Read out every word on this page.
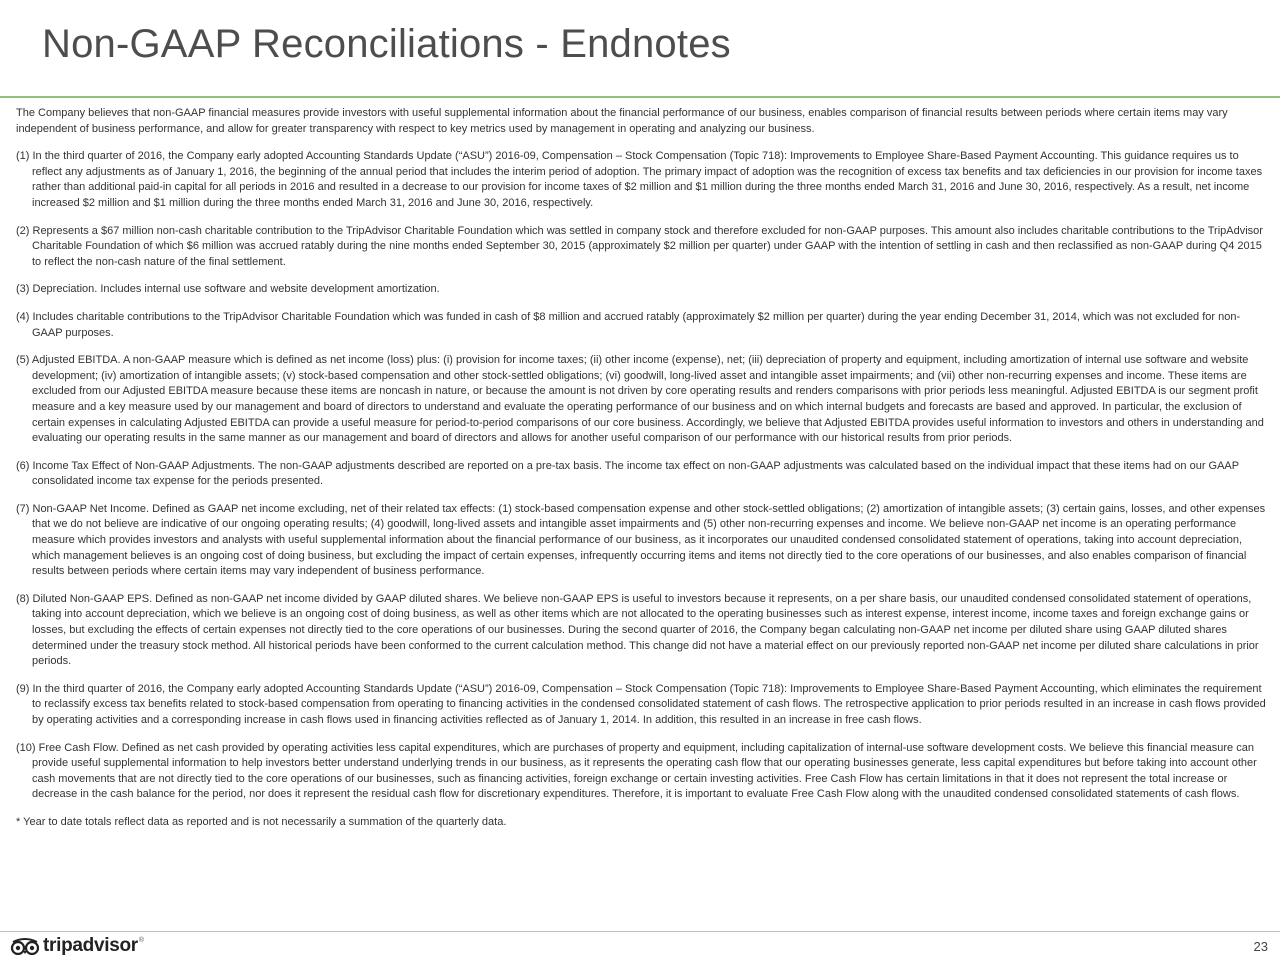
Non-GAAP Reconciliations - Endnotes

The Company believes that non-GAAP financial measures provide investors with useful supplemental information about the financial performance of our business, enables comparison of financial results between periods where certain items may vary independent of business performance, and allow for greater transparency with respect to key metrics used by management in operating and analyzing our business.

(1) In the third quarter of 2016, the Company early adopted Accounting Standards Update (“ASU”) 2016-09, Compensation – Stock Compensation (Topic 718): Improvements to Employee Share-Based Payment Accounting. This guidance requires us to reflect any adjustments as of January 1, 2016, the beginning of the annual period that includes the interim period of adoption. The primary impact of adoption was the recognition of excess tax benefits and tax deficiencies in our provision for income taxes rather than additional paid-in capital for all periods in 2016 and resulted in a decrease to our provision for income taxes of $2 million and $1 million during the three months ended March 31, 2016 and June 30, 2016, respectively. As a result, net income increased $2 million and $1 million during the three months ended March 31, 2016 and June 30, 2016, respectively.

(2) Represents a $67 million non-cash charitable contribution to the TripAdvisor Charitable Foundation which was settled in company stock and therefore excluded for non-GAAP purposes. This amount also includes charitable contributions to the TripAdvisor Charitable Foundation of which $6 million was accrued ratably during the nine months ended September 30, 2015 (approximately $2 million per quarter) under GAAP with the intention of settling in cash and then reclassified as non-GAAP during Q4 2015 to reflect the non-cash nature of the final settlement.

(3) Depreciation. Includes internal use software and website development amortization.

(4) Includes charitable contributions to the TripAdvisor Charitable Foundation which was funded in cash of $8 million and accrued ratably (approximately $2 million per quarter) during the year ending December 31, 2014, which was not excluded for non-GAAP purposes.

(5) Adjusted EBITDA. A non-GAAP measure which is defined as net income (loss) plus: (i) provision for income taxes; (ii) other income (expense), net; (iii) depreciation of property and equipment, including amortization of internal use software and website development; (iv) amortization of intangible assets; (v) stock-based compensation and other stock-settled obligations; (vi) goodwill, long-lived asset and intangible asset impairments; and (vii) other non-recurring expenses and income. These items are excluded from our Adjusted EBITDA measure because these items are noncash in nature, or because the amount is not driven by core operating results and renders comparisons with prior periods less meaningful. Adjusted EBITDA is our segment profit measure and a key measure used by our management and board of directors to understand and evaluate the operating performance of our business and on which internal budgets and forecasts are based and approved. In particular, the exclusion of certain expenses in calculating Adjusted EBITDA can provide a useful measure for period-to-period comparisons of our core business. Accordingly, we believe that Adjusted EBITDA provides useful information to investors and others in understanding and evaluating our operating results in the same manner as our management and board of directors and allows for another useful comparison of our performance with our historical results from prior periods.

(6) Income Tax Effect of Non-GAAP Adjustments. The non-GAAP adjustments described are reported on a pre-tax basis. The income tax effect on non-GAAP adjustments was calculated based on the individual impact that these items had on our GAAP consolidated income tax expense for the periods presented.

(7) Non-GAAP Net Income. Defined as GAAP net income excluding, net of their related tax effects: (1) stock-based compensation expense and other stock-settled obligations; (2) amortization of intangible assets; (3) certain gains, losses, and other expenses that we do not believe are indicative of our ongoing operating results; (4) goodwill, long-lived assets and intangible asset impairments and (5) other non-recurring expenses and income. We believe non-GAAP net income is an operating performance measure which provides investors and analysts with useful supplemental information about the financial performance of our business, as it incorporates our unaudited condensed consolidated statement of operations, taking into account depreciation, which management believes is an ongoing cost of doing business, but excluding the impact of certain expenses, infrequently occurring items and items not directly tied to the core operations of our businesses, and also enables comparison of financial results between periods where certain items may vary independent of business performance.

(8) Diluted Non-GAAP EPS. Defined as non-GAAP net income divided by GAAP diluted shares. We believe non-GAAP EPS is useful to investors because it represents, on a per share basis, our unaudited condensed consolidated statement of operations, taking into account depreciation, which we believe is an ongoing cost of doing business, as well as other items which are not allocated to the operating businesses such as interest expense, interest income, income taxes and foreign exchange gains or losses, but excluding the effects of certain expenses not directly tied to the core operations of our businesses. During the second quarter of 2016, the Company began calculating non-GAAP net income per diluted share using GAAP diluted shares determined under the treasury stock method. All historical periods have been conformed to the current calculation method. This change did not have a material effect on our previously reported non-GAAP net income per diluted share calculations in prior periods.

(9) In the third quarter of 2016, the Company early adopted Accounting Standards Update (“ASU”) 2016-09, Compensation – Stock Compensation (Topic 718): Improvements to Employee Share-Based Payment Accounting, which eliminates the requirement to reclassify excess tax benefits related to stock-based compensation from operating to financing activities in the condensed consolidated statement of cash flows. The retrospective application to prior periods resulted in an increase in cash flows provided by operating activities and a corresponding increase in cash flows used in financing activities reflected as of January 1, 2014. In addition, this resulted in an increase in free cash flows.

(10) Free Cash Flow. Defined as net cash provided by operating activities less capital expenditures, which are purchases of property and equipment, including capitalization of internal-use software development costs. We believe this financial measure can provide useful supplemental information to help investors better understand underlying trends in our business, as it represents the operating cash flow that our operating businesses generate, less capital expenditures but before taking into account other cash movements that are not directly tied to the core operations of our businesses, such as financing activities, foreign exchange or certain investing activities. Free Cash Flow has certain limitations in that it does not represent the total increase or decrease in the cash balance for the period, nor does it represent the residual cash flow for discretionary expenditures. Therefore, it is important to evaluate Free Cash Flow along with the unaudited condensed consolidated statements of cash flows.

* Year to date totals reflect data as reported and is not necessarily a summation of the quarterly data.

tripadvisor ®	23
